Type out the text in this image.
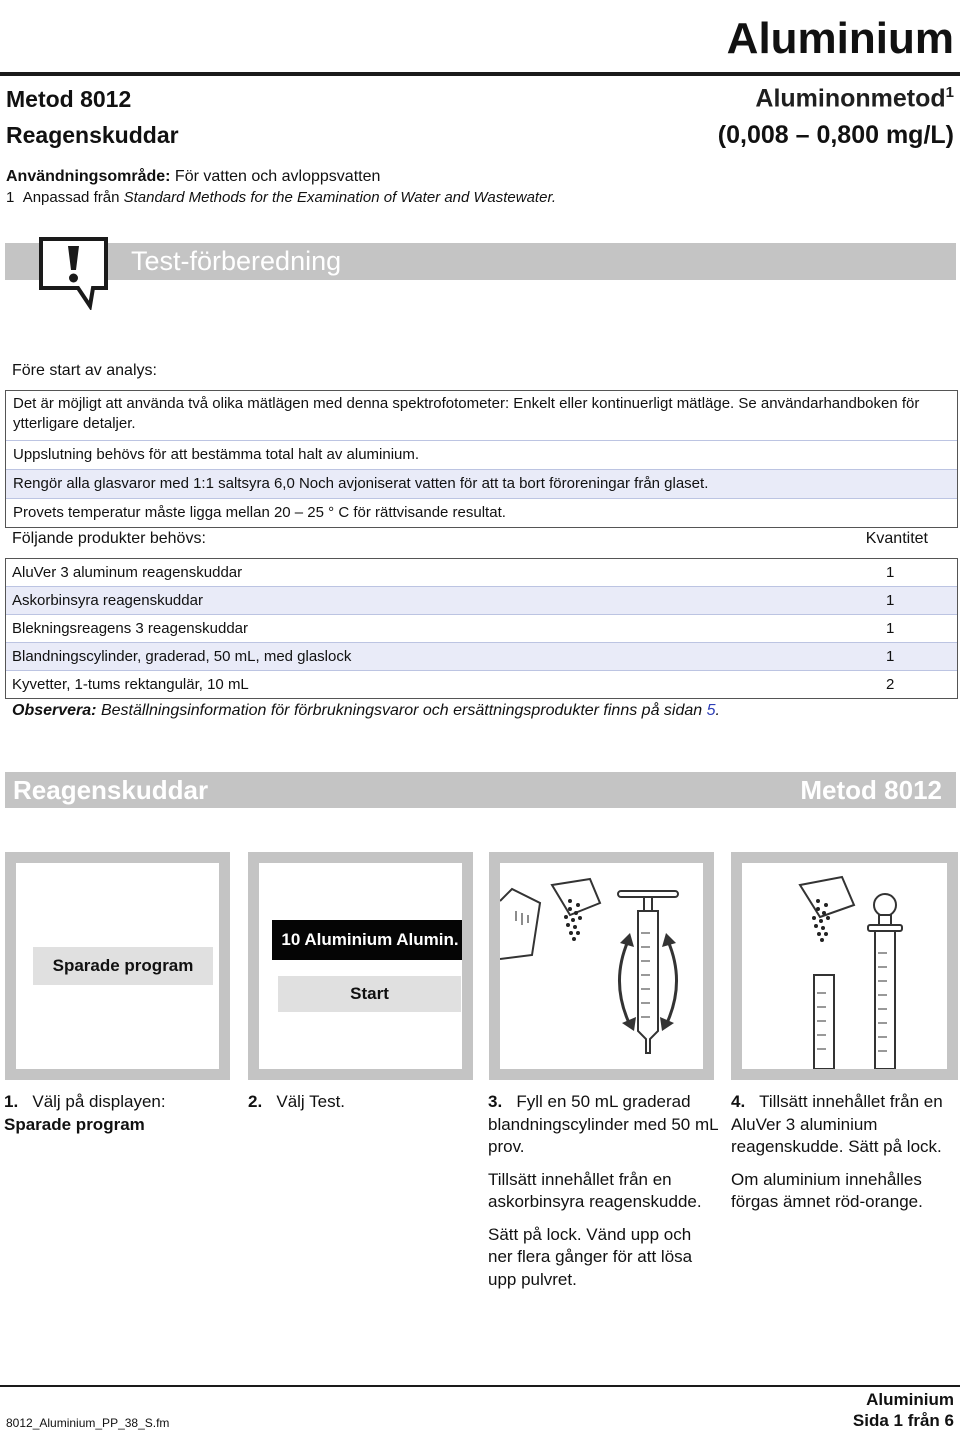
Aluminium
Metod 8012
Reagenskuddar
Aluminonmetod$^1$
(0,008 – 0,800 mg/L)
Användningsområde: För vatten och avloppsvatten
1 Anpassad från Standard Methods for the Examination of Water and Wastewater.
Test-förberedning
Före start av analys:
Det är möjligt att använda två olika mätlägen med denna spektrofotometer: Enkelt eller kontinuerligt mätläge. Se användarhandboken för ytterligare detaljer.
Uppslutning behövs för att bestämma total halt av aluminium.
Rengör alla glasvaror med 1:1 saltsyra 6,0 Noch avjoniserat vatten för att ta bort föroreningar från glaset.
Provets temperatur måste ligga mellan 20 – 25 ° C för rättvisande resultat.
Följande produkter behövs:	Kvantitet
AluVer 3 aluminum reagenskuddar	1
Askorbinsyra reagenskuddar	1
Blekningsreagens 3 reagenskuddar	1
Blandningscylinder, graderad, 50 mL, med glaslock	1
Kyvetter, 1-tums rektangulär, 10 mL	2
Observera: Beställningsinformation för förbrukningsvaror och ersättningsprodukter finns på sidan 5.
Reagenskuddar	Metod 8012
Sparade program
10 Aluminium Alumin.
Start

1. Välj på displayen:
Sparade program

2. Välj Test.	3. Fyll en 50 mL graderad blandningscylinder med 50 mL prov.

Tillsätt innehållet från en askorbinsyra reagenskudde.

Sätt på lock. Vänd upp och ner flera gånger för att lösa upp pulvret.

4. Tillsätt innehållet från en AluVer 3 aluminium reagenskudde. Sätt på lock.

Om aluminium innehålles förgas ämnet röd-orange.

8012_Aluminium_PP_38_S.fm
Aluminium
Sida 1 från 6
